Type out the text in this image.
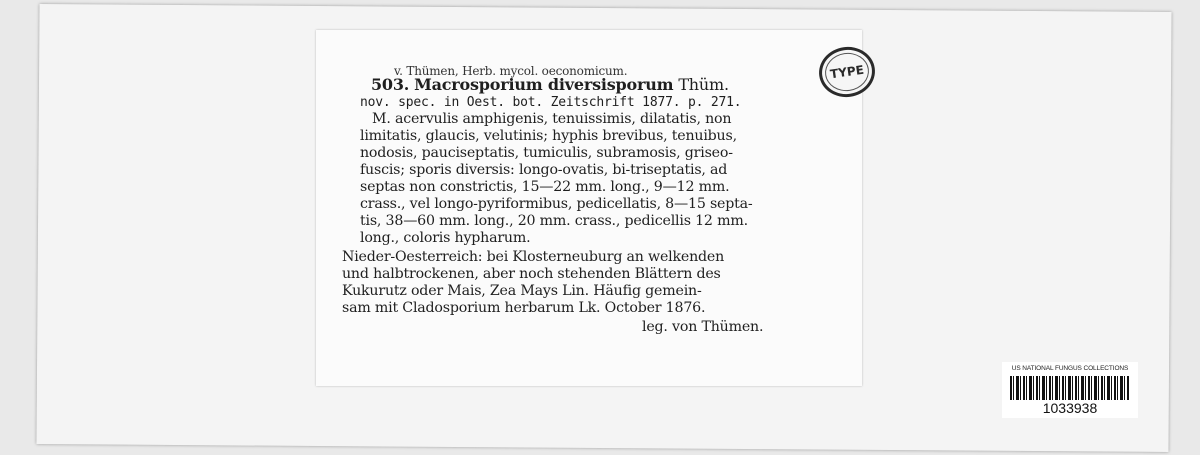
v. Thümen, Herb. mycol. oeconomicum.
503. Macrosporium diversisporum Thüm.
nov. spec. in Oest. bot. Zeitschrift 1877. p. 271.
M. acervulis amphigenis, tenuissimis, dilatatis, non
limitatis, glaucis, velutinis; hyphis brevibus, tenuibus,
nodosis, pauciseptatis, tumiculis, subramosis, griseo-
fuscis; sporis diversis: longo-ovatis, bi-triseptatis, ad
septas non constrictis, 15—22 mm. long., 9—12 mm.
crass., vel longo-pyriformibus, pedicellatis, 8—15 septa-
tis, 38—60 mm. long., 20 mm. crass., pedicellis 12 mm.
long., coloris hypharum.
Nieder-Oesterreich: bei Klosterneuburg an welkenden
und halbtrockenen, aber noch stehenden Blättern des
Kukurutz oder Mais, Zea Mays Lin. Häufig gemein-
sam mit Cladosporium herbarum Lk. October 1876.
leg. von Thümen.
TYPE
US NATIONAL FUNGUS COLLECTIONS
1033938
